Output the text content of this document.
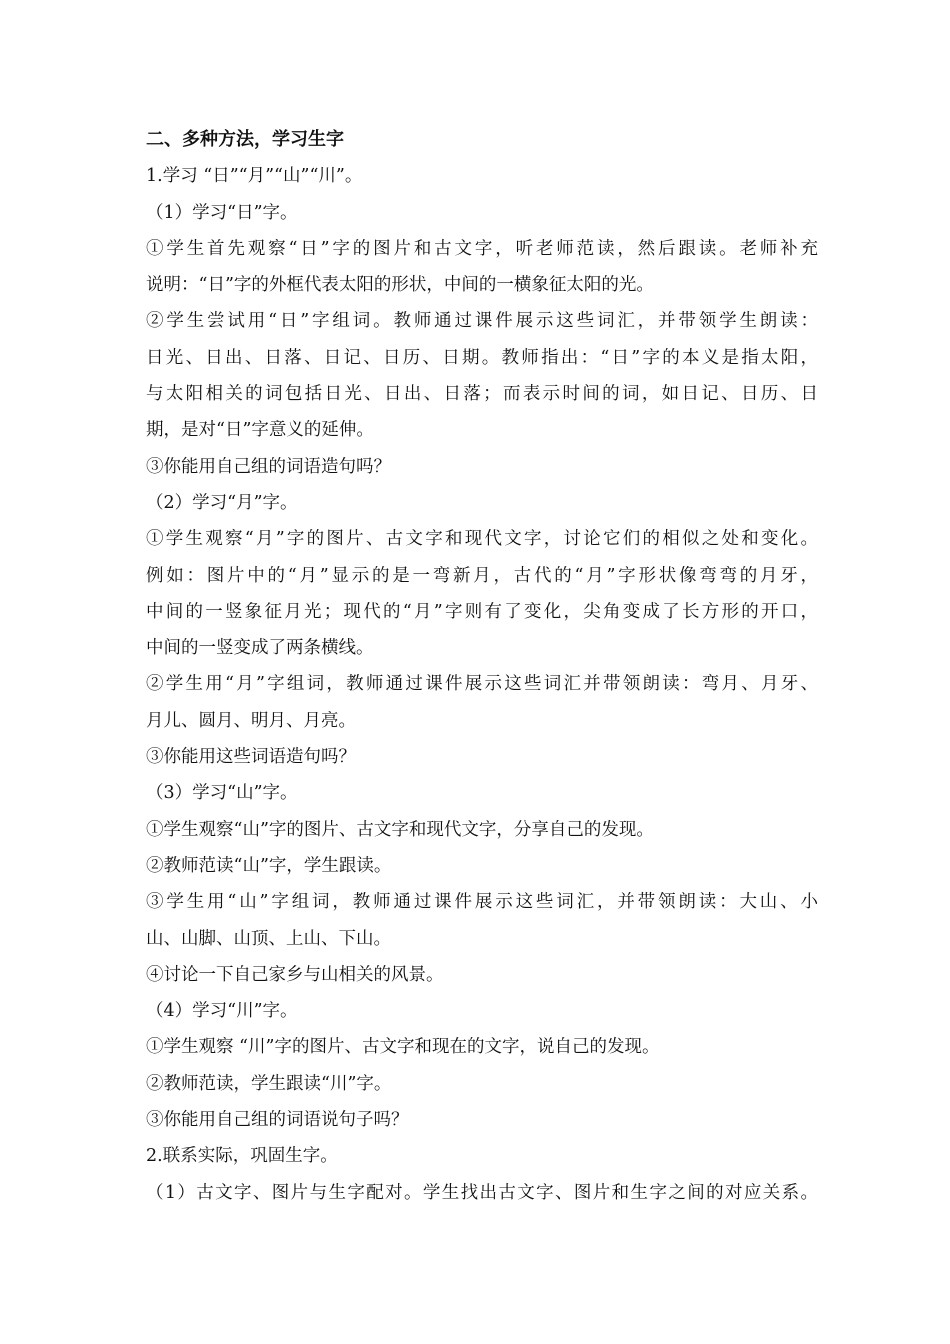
二、多种方法，学习生字
1.学习 “日”“月”“山”“川”。
（1）学习“日”字。
①学生首先观察“日”字的图片和古文字，听老师范读，然后跟读。老师补充
说明：“日”字的外框代表太阳的形状，中间的一横象征太阳的光。
②学生尝试用“日”字组词。教师通过课件展示这些词汇，并带领学生朗读：
日光、日出、日落、日记、日历、日期。教师指出：“日”字的本义是指太阳，
与太阳相关的词包括日光、日出、日落；而表示时间的词，如日记、日历、日
期，是对“日”字意义的延伸。
③你能用自己组的词语造句吗？
（2）学习“月”字。
①学生观察“月”字的图片、古文字和现代文字，讨论它们的相似之处和变化。
例如：图片中的“月”显示的是一弯新月，古代的“月”字形状像弯弯的月牙，
中间的一竖象征月光；现代的“月”字则有了变化，尖角变成了长方形的开口，
中间的一竖变成了两条横线。
②学生用“月”字组词，教师通过课件展示这些词汇并带领朗读：弯月、月牙、
月儿、圆月、明月、月亮。
③你能用这些词语造句吗？
（3）学习“山”字。
①学生观察“山”字的图片、古文字和现代文字，分享自己的发现。
②教师范读“山”字，学生跟读。
③学生用“山”字组词，教师通过课件展示这些词汇，并带领朗读：大山、小
山、山脚、山顶、上山、下山。
④讨论一下自己家乡与山相关的风景。
（4）学习“川”字。
①学生观察 “川”字的图片、古文字和现在的文字，说自己的发现。
②教师范读，学生跟读“川”字。
③你能用自己组的词语说句子吗？
2.联系实际，巩固生字。
（1）古文字、图片与生字配对。学生找出古文字、图片和生字之间的对应关系。
